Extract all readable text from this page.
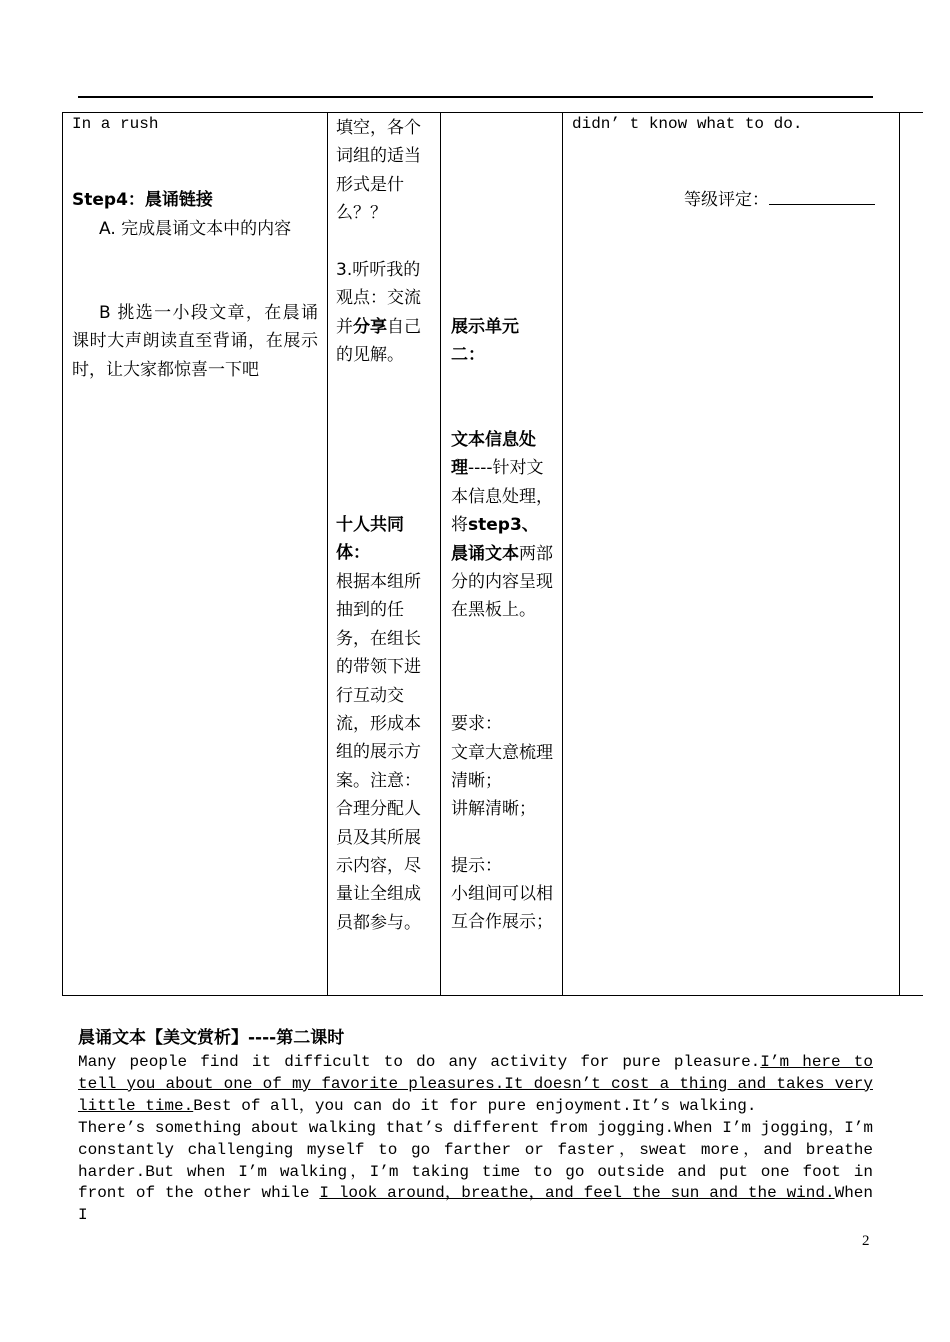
In a rush
Step4：晨诵链接
A. 完成晨诵文本中的内容
B 挑选一小段文章，在晨诵课时大声朗读直至背诵，在展示时，让大家都惊喜一下吧
填空，各个词组的适当形式是什么？？
3.听听我的观点：交流并分享自己的见解。
十人共同体：
根据本组所抽到的任务，在组长的带领下进行互动交流，形成本组的展示方案。注意：合理分配人员及其所展示内容，尽量让全组成员都参与。
展示单元二：
文本信息处理----针对文本信息处理，将step3、晨诵文本两部分的内容呈现在黑板上。
要求：
文章大意梳理清晰；
讲解清晰；
提示：
小组间可以相互合作展示；
didn’ t know what to do.
等级评定：
晨诵文本【美文赏析】----第二课时
Many people find it difficult to do any activity for pure pleasure.I’m here to tell you about one of my favorite pleasures.It doesn’t cost a thing and takes very little time.Best of all，you can do it for pure enjoyment.It’s walking.
There’s something about walking that’s different from jogging.When I’m jogging，I’m constantly challenging myself to go farther or faster，sweat more，and breathe harder.But when I’m walking，I’m taking time to go outside and put one foot in front of the other while I look around，breathe，and feel the sun and the wind.When I
2
